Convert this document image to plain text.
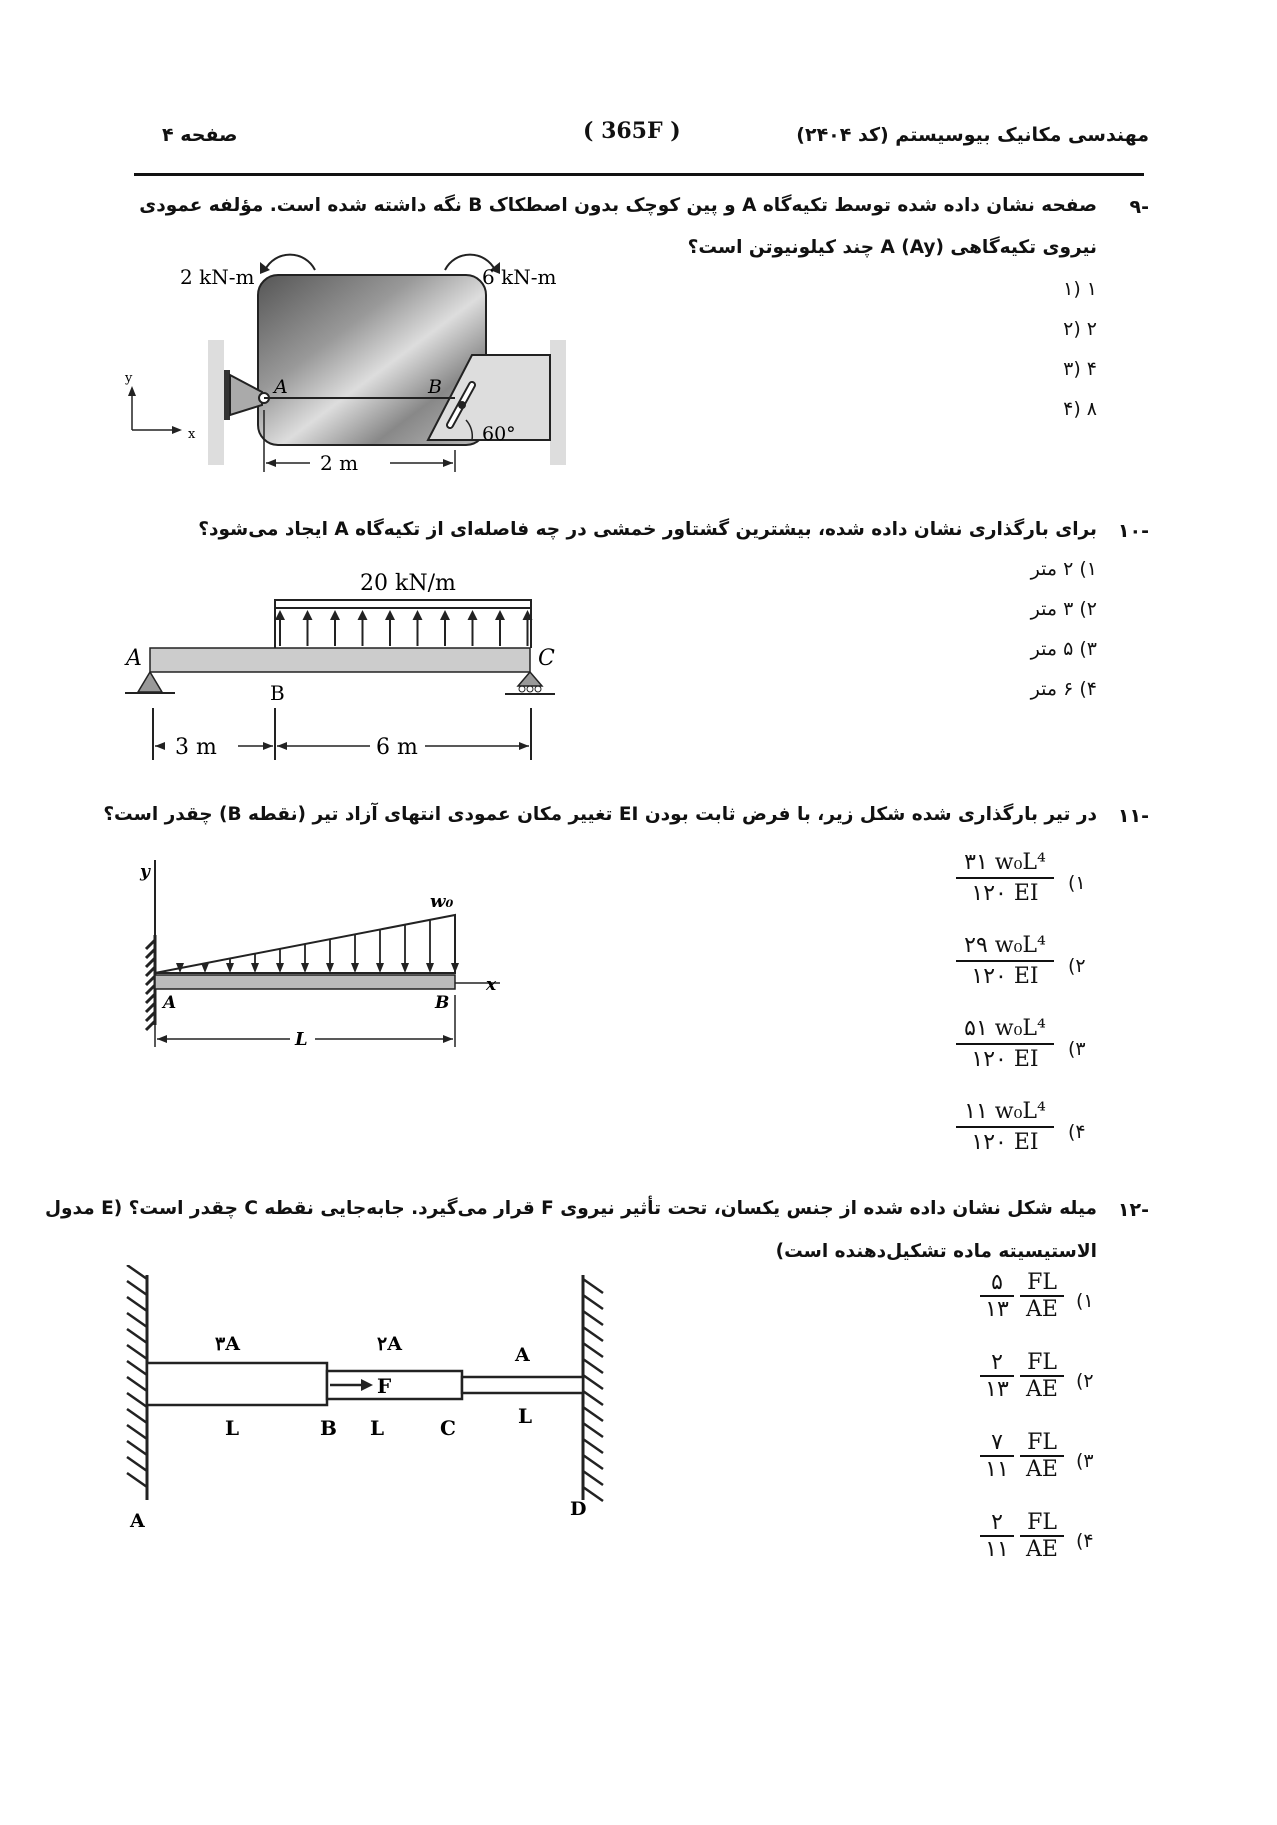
مهندسی مکانیک بیوسیستم (کد ۲۴۰۴)
( 365F )
صفحه ۴
-۹
صفحه نشان داده شده توسط تکیه‌گاه A و پین کوچک بدون اصطکاک B نگه داشته شده است. مؤلفه عمودی
نیروی تکیه‌گاهی A (Ay) چند کیلونیوتن است؟
۱ (۱
۲ (۲
۴ (۳
۸ (۴
60°
A	B
2 kN-m	6 kN-m
2 m
y
x
-۱۰
برای بارگذاری نشان داده شده، بیشترین گشتاور خمشی در چه فاصله‌ای از تکیه‌گاه A ایجاد می‌شود؟
۱) ۲ متر
۲) ۳ متر
۳) ۵ متر
۴) ۶ متر
20 kN/m
A
B
C
3 m	6 m
-۱۱
در تیر بارگذاری شده شکل زیر، با فرض ثابت بودن EI تغییر مکان عمودی انتهای آزاد تیر (نقطه B) چقدر است؟
(۱
۳۱ w₀L⁴
۱۲۰ EI
(۲
۲۹ w₀L⁴
۱۲۰ EI
(۳
۵۱ w₀L⁴
۱۲۰ EI
(۴
۱۱ w₀L⁴
۱۲۰ EI
y
x
w₀
A	B
L
-۱۲
میله شکل نشان داده شده از جنس یکسان، تحت تأثیر نیروی F قرار می‌گیرد. جابه‌جایی نقطه C چقدر است؟ (E مدول
الاستیسیته ماده تشکیل‌دهنده است)
۵
۱۳
FL
AE (۱
۲
۱۳
FL
AE (۲
۷
۱۱
FL
AE (۳
۲
۱۱
FL
AE (۴
F
۳A	۲A	A
L	B L	C	L
A
D
